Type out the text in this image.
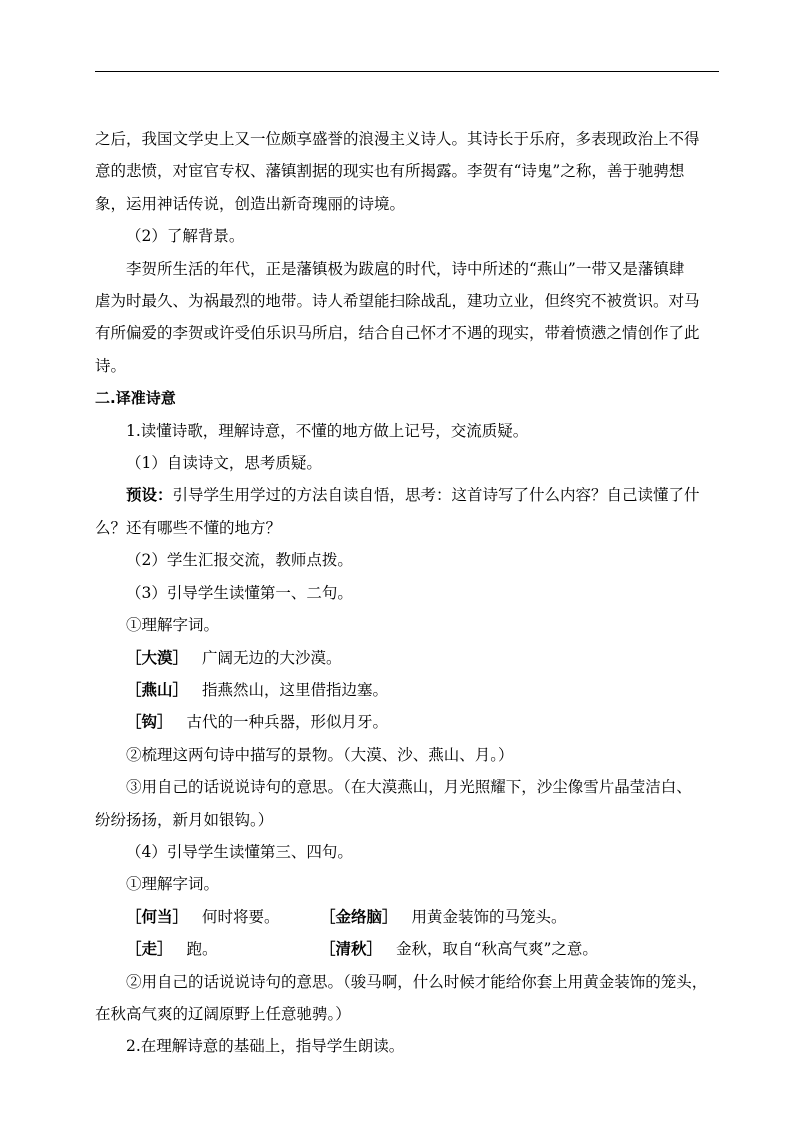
之后，我国文学史上又一位颇享盛誉的浪漫主义诗人。其诗长于乐府，多表现政治上不得

意的悲愤，对宦官专权、藩镇割据的现实也有所揭露。李贺有“诗鬼”之称，善于驰骋想

象，运用神话传说，创造出新奇瑰丽的诗境。

（2）了解背景。

李贺所生活的年代，正是藩镇极为跋扈的时代，诗中所述的“燕山”一带又是藩镇肆

虐为时最久、为祸最烈的地带。诗人希望能扫除战乱，建功立业，但终究不被赏识。对马

有所偏爱的李贺或许受伯乐识马所启，结合自己怀才不遇的现实，带着愤懑之情创作了此

诗。

二.译准诗意

1.读懂诗歌，理解诗意，不懂的地方做上记号，交流质疑。

（1）自读诗文，思考质疑。

预设：引导学生用学过的方法自读自悟，思考：这首诗写了什么内容？自己读懂了什

么？还有哪些不懂的地方？

（2）学生汇报交流，教师点拨。

（3）引导学生读懂第一、二句。

①理解字词。

［大漠］ 广阔无边的大沙漠。
［燕山］ 指燕然山，这里借指边塞。
［钩］ 古代的一种兵器，形似月牙。

②梳理这两句诗中描写的景物。（大漠、沙、燕山、月。）

③用自己的话说说诗句的意思。（在大漠燕山，月光照耀下，沙尘像雪片晶莹洁白、

纷纷扬扬，新月如银钩。）

（4）引导学生读懂第三、四句。

①理解字词。

［何当］ 何时将要。	［金络脑］ 用黄金装饰的马笼头。
［走］ 跑。	［清秋］ 金秋，取自“秋高气爽”之意。

②用自己的话说说诗句的意思。（骏马啊，什么时候才能给你套上用黄金装饰的笼头，

在秋高气爽的辽阔原野上任意驰骋。）

2.在理解诗意的基础上，指导学生朗读。
